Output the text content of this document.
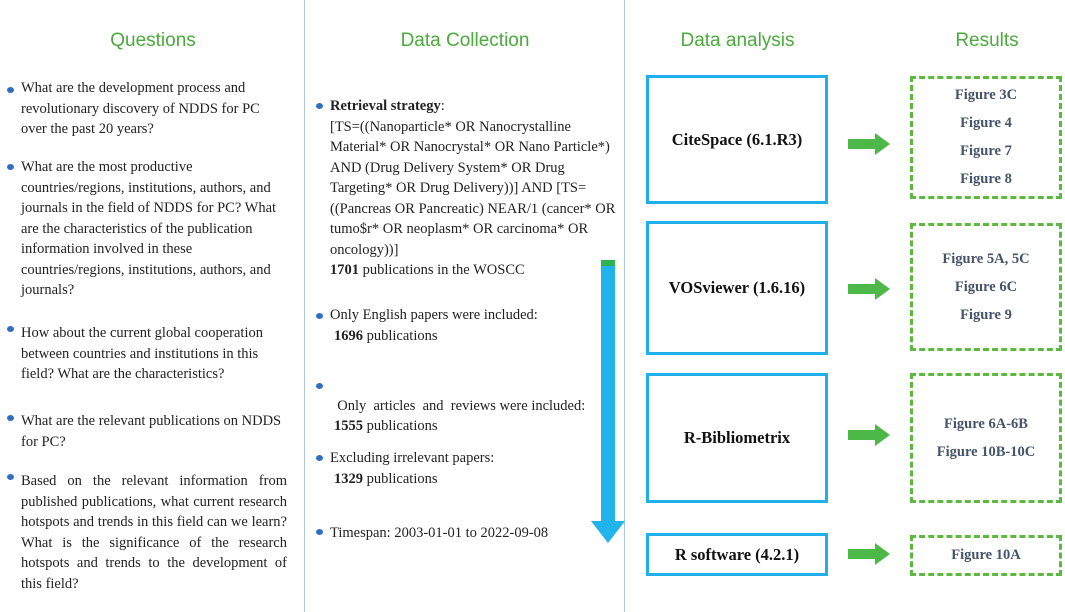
Questions	Data Collection	Data analysis	Results
What are the development process and revolutionary discovery of NDDS for PC over the past 20 years?
What are the most productive countries/regions, institutions, authors, and journals in the field of NDDS for PC? What are the characteristics of the publication information involved in these countries/regions, institutions, authors, and journals?
How about the current global cooperation between countries and institutions in this field? What are the characteristics?
What are the relevant publications on NDDS for PC?
Based on the relevant information from published publications, what current research hotspots and trends in this field can we learn? What is the significance of the research hotspots and trends to the development of this field?
Retrieval strategy:
[TS=((Nanoparticle* OR Nanocrystalline Material* OR Nanocrystal* OR Nano Particle*) AND (Drug Delivery System* OR Drug Targeting* OR Drug Delivery))] AND [TS=((Pancreas OR Pancreatic) NEAR/1 (cancer* OR tumo$r* OR neoplasm* OR carcinoma* OR oncology))]
1701 publications in the WOSCC
Only English papers were included:
1696 publications

Only  articles  and  reviews were included:
1555 publications

Excluding irrelevant papers:
1329 publications
Timespan: 2003-01-01 to 2022-09-08
CiteSpace (6.1.R3)
VOSviewer (1.6.16)
R-Bibliometrix
R software (4.2.1)
Figure 3C
Figure 4
Figure 7
Figure 8
Figure 5A, 5C
Figure 6C
Figure 9
Figure 6A-6B
Figure 10B-10C
Figure 10A
